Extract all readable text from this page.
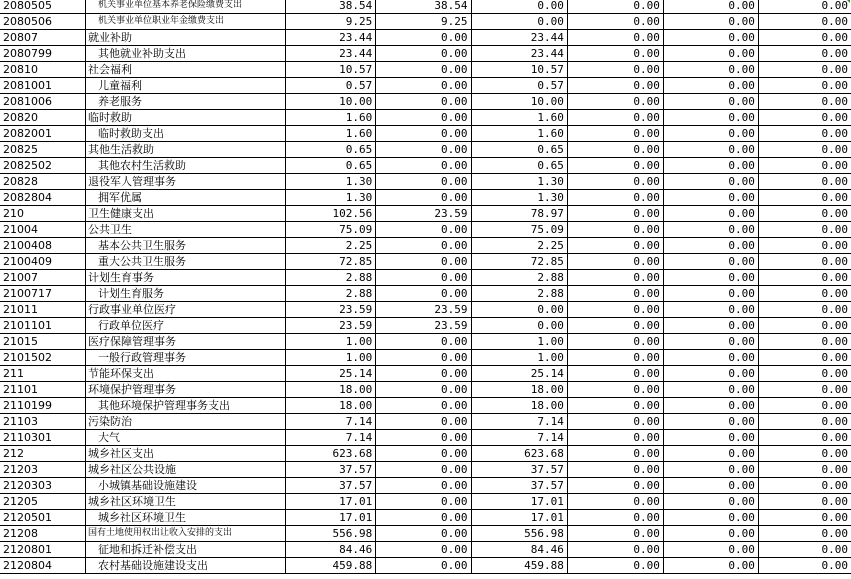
2080505	机关事业单位基本养老保险缴费支出	38.54	38.54	0.00	0.00	0.00	0.00
2080506	机关事业单位职业年金缴费支出	9.25	9.25	0.00	0.00	0.00	0.00
20807	就业补助	23.44	0.00	23.44	0.00	0.00	0.00
2080799	其他就业补助支出	23.44	0.00	23.44	0.00	0.00	0.00
20810	社会福利	10.57	0.00	10.57	0.00	0.00	0.00
2081001	儿童福利	0.57	0.00	0.57	0.00	0.00	0.00
2081006	养老服务	10.00	0.00	10.00	0.00	0.00	0.00
20820	临时救助	1.60	0.00	1.60	0.00	0.00	0.00
2082001	临时救助支出	1.60	0.00	1.60	0.00	0.00	0.00
20825	其他生活救助	0.65	0.00	0.65	0.00	0.00	0.00
2082502	其他农村生活救助	0.65	0.00	0.65	0.00	0.00	0.00
20828	退役军人管理事务	1.30	0.00	1.30	0.00	0.00	0.00
2082804	拥军优属	1.30	0.00	1.30	0.00	0.00	0.00
210	卫生健康支出	102.56	23.59	78.97	0.00	0.00	0.00
21004	公共卫生	75.09	0.00	75.09	0.00	0.00	0.00
2100408	基本公共卫生服务	2.25	0.00	2.25	0.00	0.00	0.00
2100409	重大公共卫生服务	72.85	0.00	72.85	0.00	0.00	0.00
21007	计划生育事务	2.88	0.00	2.88	0.00	0.00	0.00
2100717	计划生育服务	2.88	0.00	2.88	0.00	0.00	0.00
21011	行政事业单位医疗	23.59	23.59	0.00	0.00	0.00	0.00
2101101	行政单位医疗	23.59	23.59	0.00	0.00	0.00	0.00
21015	医疗保障管理事务	1.00	0.00	1.00	0.00	0.00	0.00
2101502	一般行政管理事务	1.00	0.00	1.00	0.00	0.00	0.00
211	节能环保支出	25.14	0.00	25.14	0.00	0.00	0.00
21101	环境保护管理事务	18.00	0.00	18.00	0.00	0.00	0.00
2110199	其他环境保护管理事务支出	18.00	0.00	18.00	0.00	0.00	0.00
21103	污染防治	7.14	0.00	7.14	0.00	0.00	0.00
2110301	大气	7.14	0.00	7.14	0.00	0.00	0.00
212	城乡社区支出	623.68	0.00	623.68	0.00	0.00	0.00
21203	城乡社区公共设施	37.57	0.00	37.57	0.00	0.00	0.00
2120303	小城镇基础设施建设	37.57	0.00	37.57	0.00	0.00	0.00
21205	城乡社区环境卫生	17.01	0.00	17.01	0.00	0.00	0.00
2120501	城乡社区环境卫生	17.01	0.00	17.01	0.00	0.00	0.00
21208	国有土地使用权出让收入安排的支出	556.98	0.00	556.98	0.00	0.00	0.00
2120801	征地和拆迁补偿支出	84.46	0.00	84.46	0.00	0.00	0.00
2120804	农村基础设施建设支出	459.88	0.00	459.88	0.00	0.00	0.00
